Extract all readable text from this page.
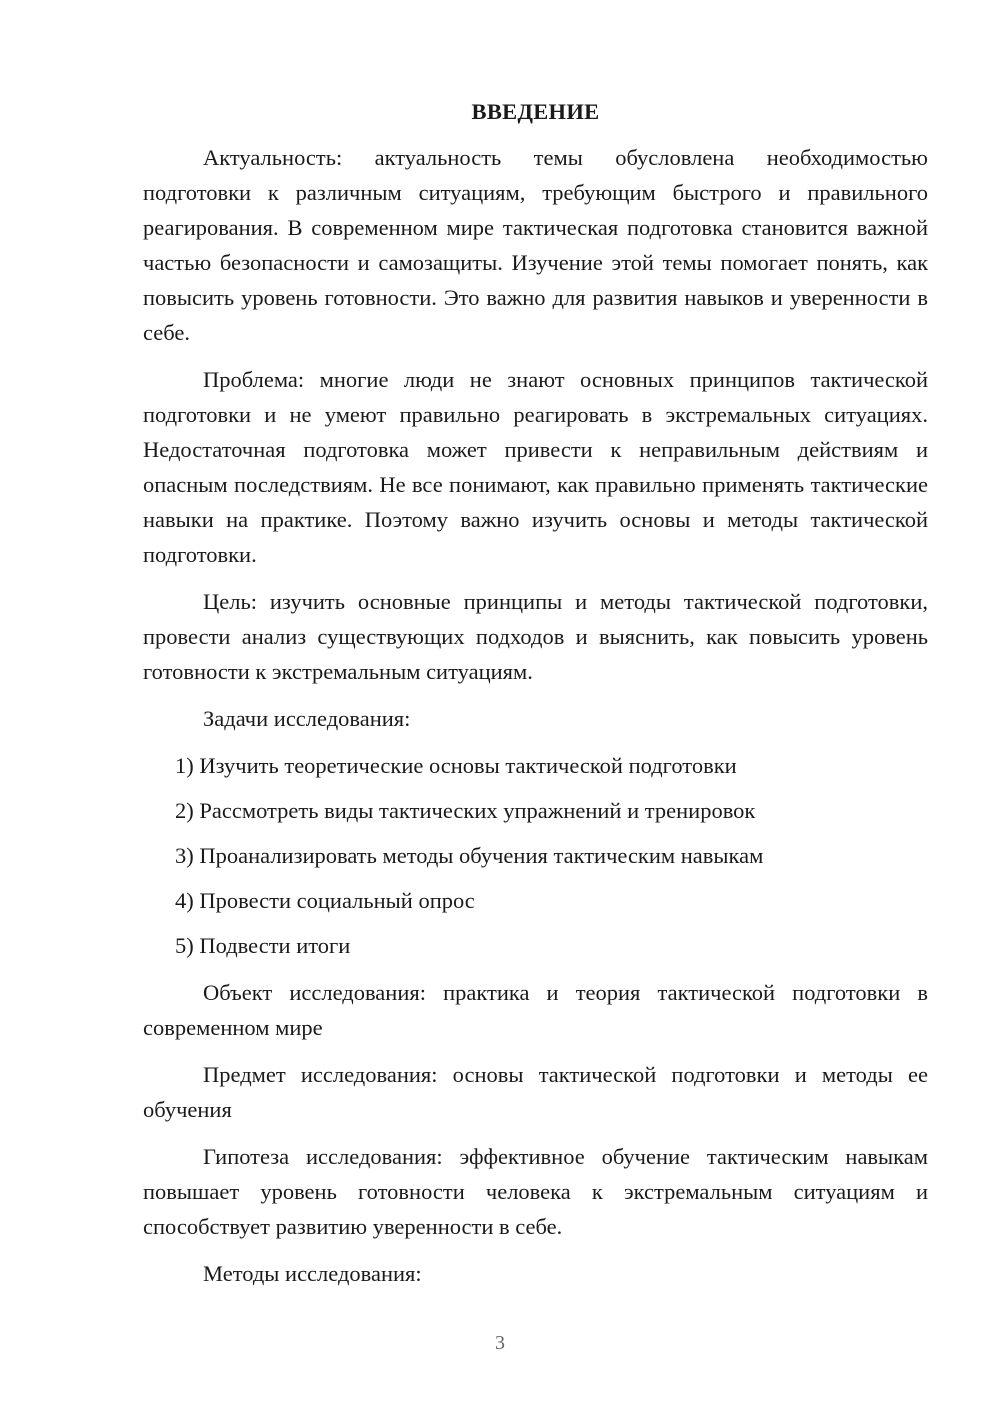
ВВЕДЕНИЕ
Актуальность: актуальность темы обусловлена необходимостью подготовки к различным ситуациям, требующим быстрого и правильного реагирования. В современном мире тактическая подготовка становится важной частью безопасности и самозащиты. Изучение этой темы помогает понять, как повысить уровень готовности. Это важно для развития навыков и уверенности в себе.
Проблема: многие люди не знают основных принципов тактической подготовки и не умеют правильно реагировать в экстремальных ситуациях. Недостаточная подготовка может привести к неправильным действиям и опасным последствиям. Не все понимают, как правильно применять тактические навыки на практике. Поэтому важно изучить основы и методы тактической подготовки.
Цель: изучить основные принципы и методы тактической подготовки, провести анализ существующих подходов и выяснить, как повысить уровень готовности к экстремальным ситуациям.
Задачи исследования:
1) Изучить теоретические основы тактической подготовки
2) Рассмотреть виды тактических упражнений и тренировок
3) Проанализировать методы обучения тактическим навыкам
4) Провести социальный опрос
5) Подвести итоги
Объект исследования: практика и теория тактической подготовки в современном мире
Предмет исследования: основы тактической подготовки и методы ее обучения
Гипотеза исследования: эффективное обучение тактическим навыкам повышает уровень готовности человека к экстремальным ситуациям и способствует развитию уверенности в себе.
Методы исследования:
3
